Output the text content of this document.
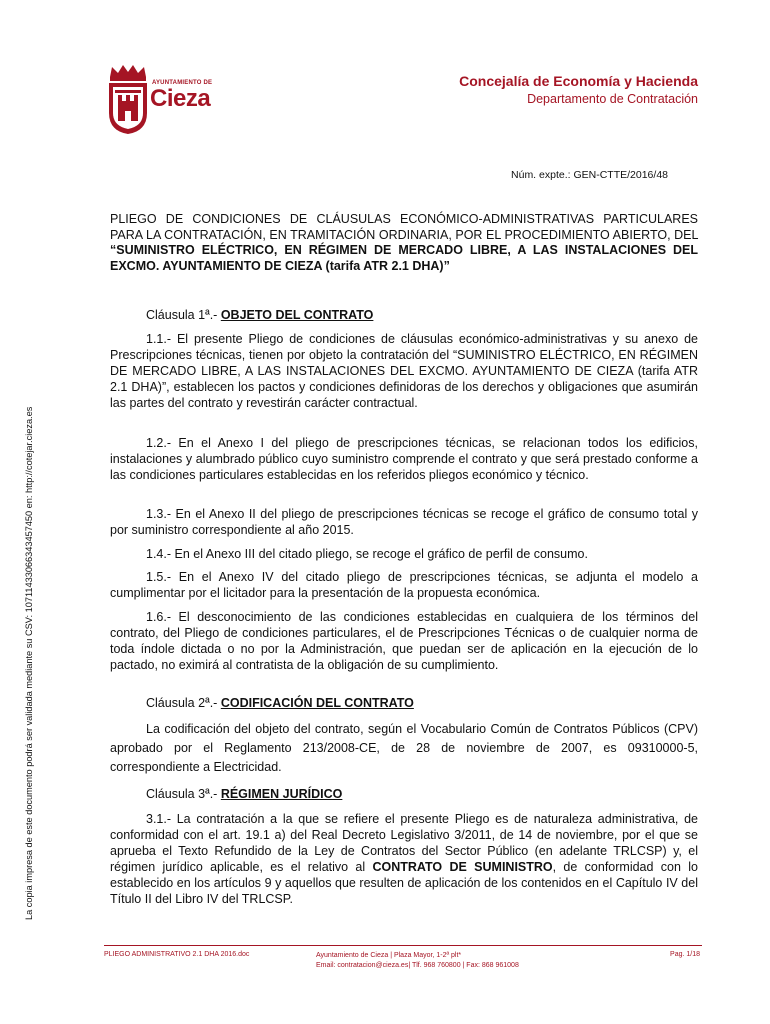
AYUNTAMIENTO DE
Cieza
Concejalía de Economía y Hacienda
Departamento de Contratación
Núm. expte.: GEN-CTTE/2016/48
La copia impresa de este documento podrá ser validada mediante su CSV: 10711433066343457450 en: http://cotejar.cieza.es
PLIEGO DE CONDICIONES DE CLÁUSULAS ECONÓMICO-ADMINISTRATIVAS PARTICULARES PARA LA CONTRATACIÓN, EN TRAMITACIÓN ORDINARIA, POR EL PROCEDIMIENTO ABIERTO, DEL “SUMINISTRO ELÉCTRICO, EN RÉGIMEN DE MERCADO LIBRE, A LAS INSTALACIONES DEL EXCMO. AYUNTAMIENTO DE CIEZA (tarifa ATR 2.1 DHA)”
Cláusula 1ª.- OBJETO DEL CONTRATO

1.1.- El presente Pliego de condiciones de cláusulas económico-administrativas y su anexo de Prescripciones técnicas, tienen por objeto la contratación del “SUMINISTRO ELÉCTRICO, EN RÉGIMEN DE MERCADO LIBRE, A LAS INSTALACIONES DEL EXCMO. AYUNTAMIENTO DE CIEZA (tarifa ATR 2.1 DHA)”, establecen los pactos y condiciones definidoras de los derechos y obligaciones que asumirán las partes del contrato y revestirán carácter contractual.

1.2.- En el Anexo I del pliego de prescripciones técnicas, se relacionan todos los edificios, instalaciones y alumbrado público cuyo suministro comprende el contrato y que será prestado conforme a las condiciones particulares establecidas en los referidos pliegos económico y técnico.

1.3.- En el Anexo II del pliego de prescripciones técnicas se recoge el gráfico de consumo total y por suministro correspondiente al año 2015.

1.4.- En el Anexo III del citado pliego, se recoge el gráfico de perfil de consumo.

1.5.- En el Anexo IV del citado pliego de prescripciones técnicas, se adjunta el modelo a cumplimentar por el licitador para la presentación de la propuesta económica.

1.6.- El desconocimiento de las condiciones establecidas en cualquiera de los términos del contrato, del Pliego de condiciones particulares, el de Prescripciones Técnicas o de cualquier norma de toda índole dictada o no por la Administración, que puedan ser de aplicación en la ejecución de lo pactado, no eximirá al contratista de la obligación de su cumplimiento.

Cláusula 2ª.- CODIFICACIÓN DEL CONTRATO

La codificación del objeto del contrato, según el Vocabulario Común de Contratos Públicos (CPV) aprobado por el Reglamento 213/2008-CE, de 28 de noviembre de 2007, es 09310000-5, correspondiente a Electricidad.

Cláusula 3ª.- RÉGIMEN JURÍDICO

3.1.- La contratación a la que se refiere el presente Pliego es de naturaleza administrativa, de conformidad con el art. 19.1 a) del Real Decreto Legislativo 3/2011, de 14 de noviembre, por el que se aprueba el Texto Refundido de la Ley de Contratos del Sector Público (en adelante TRLCSP) y, el régimen jurídico aplicable, es el relativo al CONTRATO DE SUMINISTRO, de conformidad con lo establecido en los artículos 9 y aquellos que resulten de aplicación de los contenidos en el Capítulo IV del Título II del Libro IV del TRLCSP.

PLIEGO ADMINISTRATIVO 2.1 DHA 2016.doc	Ayuntamiento de Cieza | Plaza Mayor, 1-2ª plt*
Email: contratacion@cieza.es| Tlf. 968 760800 | Fax: 868 961008
Pag. 1/18
